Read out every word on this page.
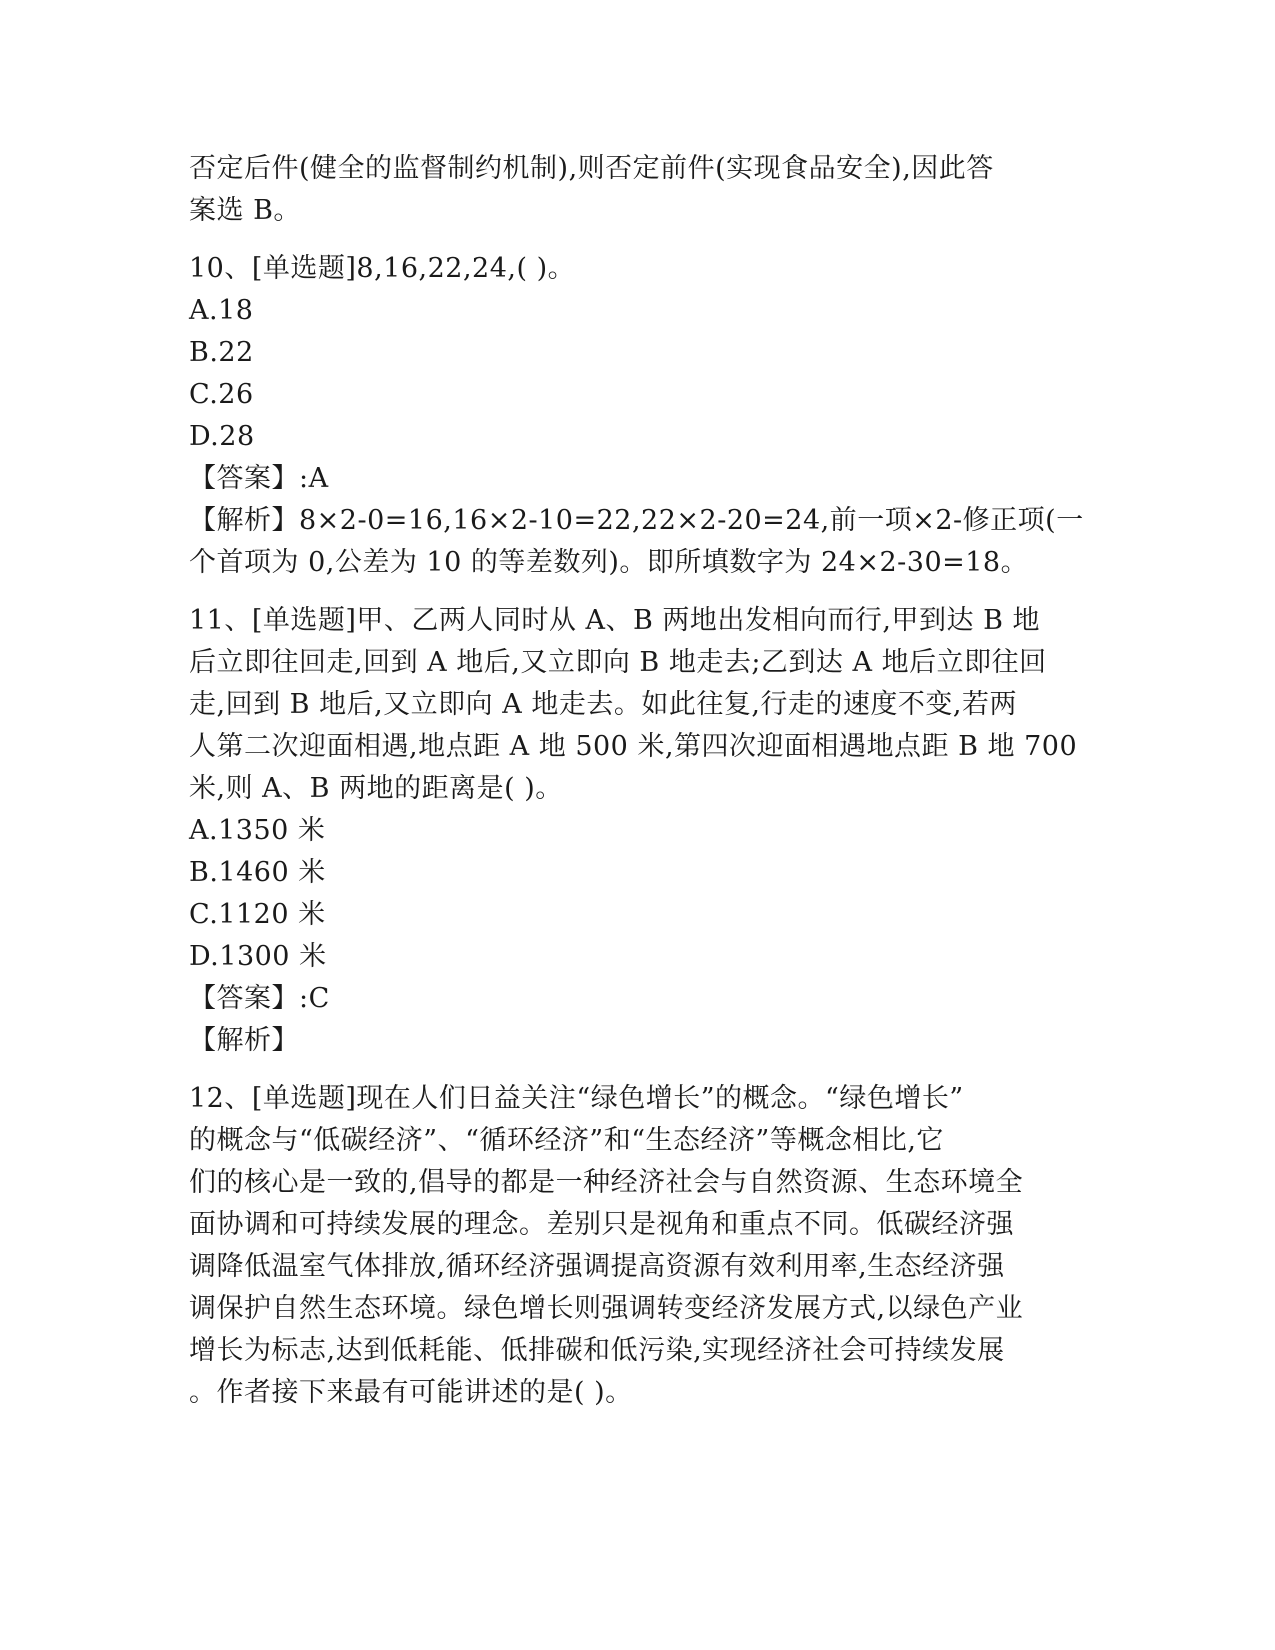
否定后件(健全的监督制约机制),则否定前件(实现食品安全),因此答
案选 B。
10、[单选题]8,16,22,24,( )。
A.18
B.22
C.26
D.28
【答案】:A
【解析】8×2-0=16,16×2-10=22,22×2-20=24,前一项×2-修正项(一
个首项为 0,公差为 10 的等差数列)。即所填数字为 24×2-30=18。
11、[单选题]甲、乙两人同时从 A、B 两地出发相向而行,甲到达 B 地
后立即往回走,回到 A 地后,又立即向 B 地走去;乙到达 A 地后立即往回
走,回到 B 地后,又立即向 A 地走去。如此往复,行走的速度不变,若两
人第二次迎面相遇,地点距 A 地 500 米,第四次迎面相遇地点距 B 地 700
米,则 A、B 两地的距离是( )。
A.1350 米
B.1460 米
C.1120 米
D.1300 米
【答案】:C
【解析】
12、[单选题]现在人们日益关注“绿色增长”的概念。“绿色增长”
的概念与“低碳经济”、“循环经济”和“生态经济”等概念相比,它
们的核心是一致的,倡导的都是一种经济社会与自然资源、生态环境全
面协调和可持续发展的理念。差别只是视角和重点不同。低碳经济强
调降低温室气体排放,循环经济强调提高资源有效利用率,生态经济强
调保护自然生态环境。绿色增长则强调转变经济发展方式,以绿色产业
增长为标志,达到低耗能、低排碳和低污染,实现经济社会可持续发展
。作者接下来最有可能讲述的是( )。
